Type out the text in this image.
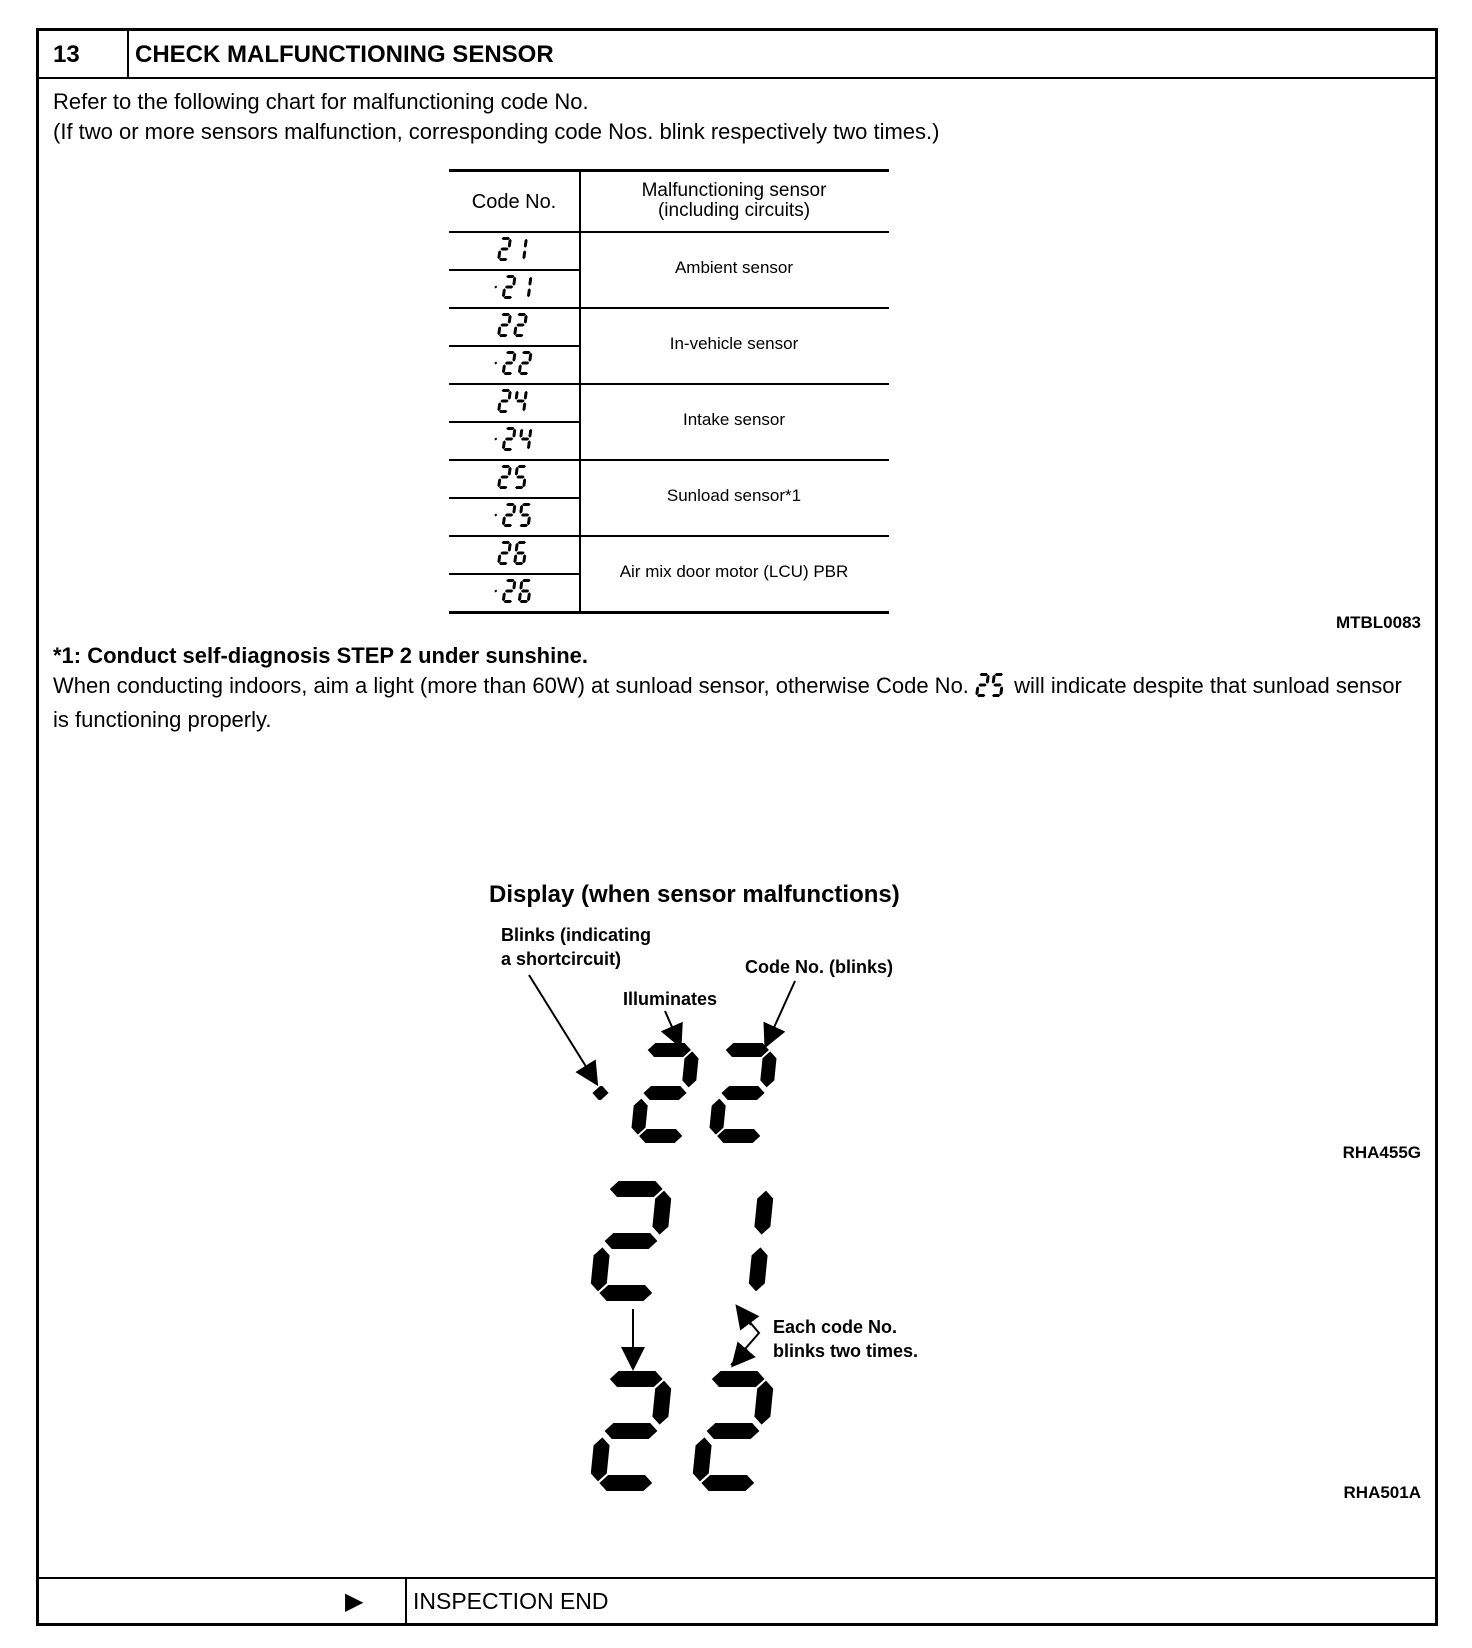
13 CHECK MALFUNCTIONING SENSOR
Refer to the following chart for malfunctioning code No.
(If two or more sensors malfunction, corresponding code Nos. blink respectively two times.)
Code No.
Malfunctioning sensor
(including circuits)
Ambient sensor
In-vehicle sensor
Intake sensor
Sunload sensor*1
Air mix door motor (LCU) PBR
MTBL0083
*1: Conduct self-diagnosis STEP 2 under sunshine.
When conducting indoors, aim a light (more than 60W) at sunload sensor, otherwise Code No. will indicate despite that sunload sensor is functioning properly.
Display (when sensor malfunctions)
Blinks (indicating
a shortcircuit)
Illuminates
Code No. (blinks)
RHA455G
Each code No.
blinks two times.
RHA501A
▶ INSPECTION END
